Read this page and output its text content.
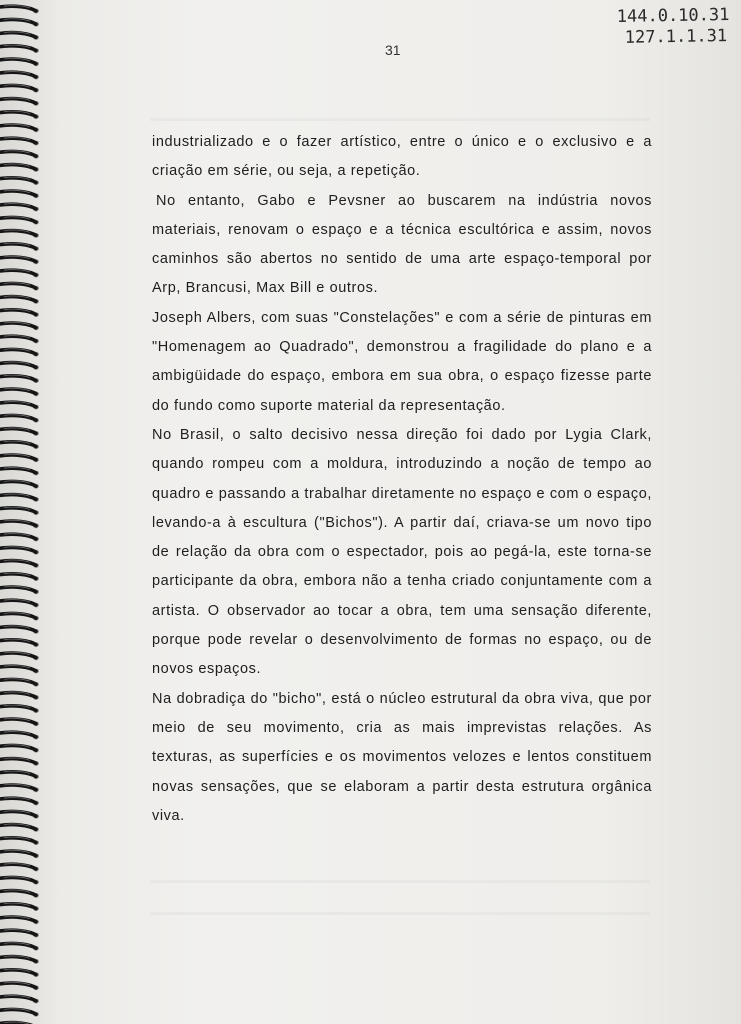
144.0.10.31
127.1.1.31
31

industrializado e o fazer artístico, entre o único e o exclusivo e a criação em série, ou seja, a repetição.

No entanto, Gabo e Pevsner ao buscarem na indústria novos materiais, renovam o espaço e a técnica escultórica e assim, novos caminhos são abertos no sentido de uma arte espaço-temporal por Arp, Brancusi, Max Bill e outros.

Joseph Albers, com suas "Constelações" e com a série de pinturas em "Homenagem ao Quadrado", demonstrou a fragilidade do plano e a ambigüidade do espaço, embora em sua obra, o espaço fizesse parte do fundo como suporte material da representação.

No Brasil, o salto decisivo nessa direção foi dado por Lygia Clark, quando rompeu com a moldura, introduzindo a noção de tempo ao quadro e passando a trabalhar diretamente no espaço e com o espaço, levando-a à escultura ("Bichos"). A partir daí, criava-se um novo tipo de relação da obra com o espectador, pois ao pegá-la, este torna-se participante da obra, embora não a tenha criado conjuntamente com a artista. O observador ao tocar a obra, tem uma sensação diferente, porque pode revelar o desenvolvimento de formas no espaço, ou de novos espaços.

Na dobradiça do "bicho", está o núcleo estrutural da obra viva, que por meio de seu movimento, cria as mais imprevistas relações. As texturas, as superfícies e os movimentos velozes e lentos constituem novas sensações, que se elaboram a partir desta estrutura orgânica viva.
